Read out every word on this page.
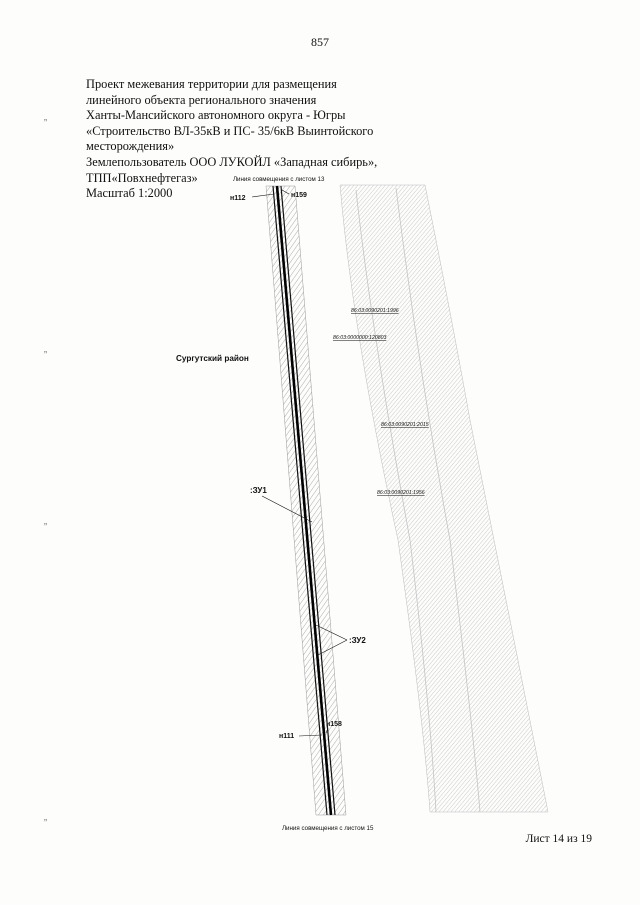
857
Проект межевания территории для размещения
линейного объекта регионального значения
Ханты-Мансийского автономного округа - Югры
«Строительство ВЛ-35кВ и ПС- 35/6кВ Выинтойского
месторождения»
Землепользователь ООО ЛУКОЙЛ «Западная сибирь»,
ТПП«Повхнефтегаз»
Масштаб 1:2000
Линия совмещения с листом 13
н112	н159
Сургутский район
86:03:0090201:1996
86:03:0000000:120803
86:03:0090201:2015
86:03:0090201:1956
:ЗУ1
:ЗУ2
н158
н111
Линия совмещения с листом 15
Лист 14 из 19
„
„
„
„
